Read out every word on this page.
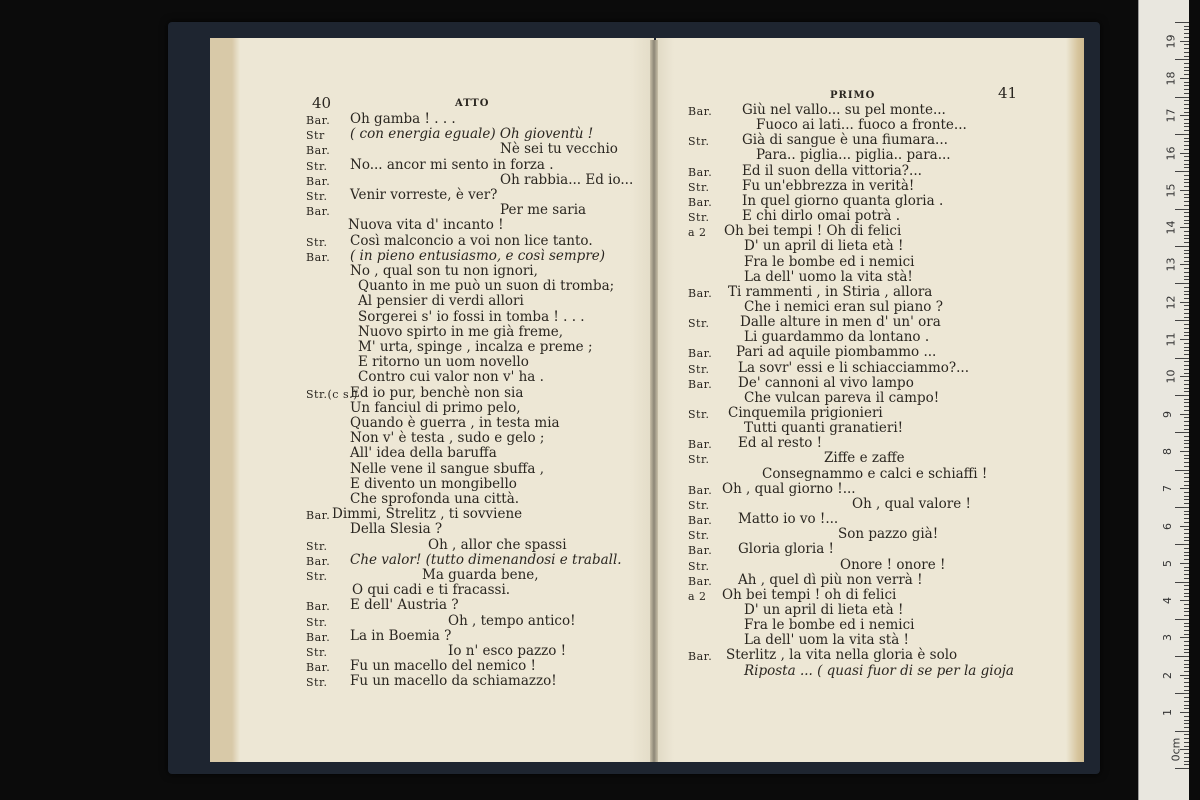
40	ATTO
PRIMO	41
Bar. Oh gamba ! . . .
Str ( con energia eguale) Oh gioventù !
Bar.	Nè sei tu vecchio
Str. No... ancor mi sento in forza .
Bar.	Oh rabbia... Ed io...
Str. Venir vorreste, è ver?
Bar.	Per me saria
Nuova vita d' incanto !
Str. Così malconcio a voi non lice tanto.
Bar. ( in pieno entusiasmo, e così sempre)
No , qual son tu non ignori,
Quanto in me può un suon di tromba;
Al pensier di verdi allori
Sorgerei s' io fossi in tomba ! . . .
Nuovo spirto in me già freme,
M' urta, spinge , incalza e preme ;
E ritorno un uom novello
Contro cui valor non v' ha .
Str.(c s.)
Ed io pur, benchè non sia
Un fanciul di primo pelo,
Quando è guerra , in testa mia
Non v' è testa , sudo e gelo ;
All' idea della baruffa
Nelle vene il sangue sbuffa ,
E divento un mongibello
Che sprofonda una città.
Bar. Dimmi, Strelitz , ti sovviene
Della Slesia ?
Str.	Oh , allor che spassi
Bar. Che valor! (tutto dimenandosi e traball.
Str.	Ma guarda bene,
O qui cadi e ti fracassi.
Bar. E dell' Austria ?
Str.	Oh , tempo antico!
Bar. La in Boemia ?
Str.	Io n' esco pazzo !
Bar. Fu un macello del nemico !
Str. Fu un macello da schiamazzo!
Bar. Giù nel vallo... su pel monte...
Fuoco ai lati... fuoco a fronte...
Str. Già di sangue è una fiumara...
Para.. piglia... piglia.. para...
Bar. Ed il suon della vittoria?...
Str. Fu un'ebbrezza in verità!
Bar. In quel giorno quanta gloria .
Str. E chi dirlo omai potrà .
a 2 Oh bei tempi ! Oh di felici
D' un april di lieta età !
Fra le bombe ed i nemici
La dell' uomo la vita stà!
Bar. Ti rammenti , in Stiria , allora
Che i nemici eran sul piano ?
Str. Dalle alture in men d' un' ora
Li guardammo da lontano .
Bar. Pari ad aquile piombammo ...
Str. La sovr' essi e li schiacciammo?...
Bar. De' cannoni al vivo lampo
Che vulcan pareva il campo!
Str. Cinquemila prigionieri
Tutti quanti granatieri!
Bar. Ed al resto !
Str.	Ziffe e zaffe
Consegnammo e calci e schiaffi !
Bar. Oh , qual giorno !...
Str.	Oh , qual valore !
Bar. Matto io vo !...
Str.	Son pazzo già!
Bar. Gloria gloria !
Str.	Onore ! onore !
Bar. Ah , quel dì più non verrà !
a 2 Oh bei tempi ! oh di felici
D' un april di lieta età !
Fra le bombe ed i nemici
La dell' uom la vita stà !
Bar. Sterlitz , la vita nella gloria è solo
Riposta ... ( quasi fuor di se per la gioja
19
18
17
16
15
14
13
12
11
10
9
8
7
6
5
4
3
2
1
0cm
